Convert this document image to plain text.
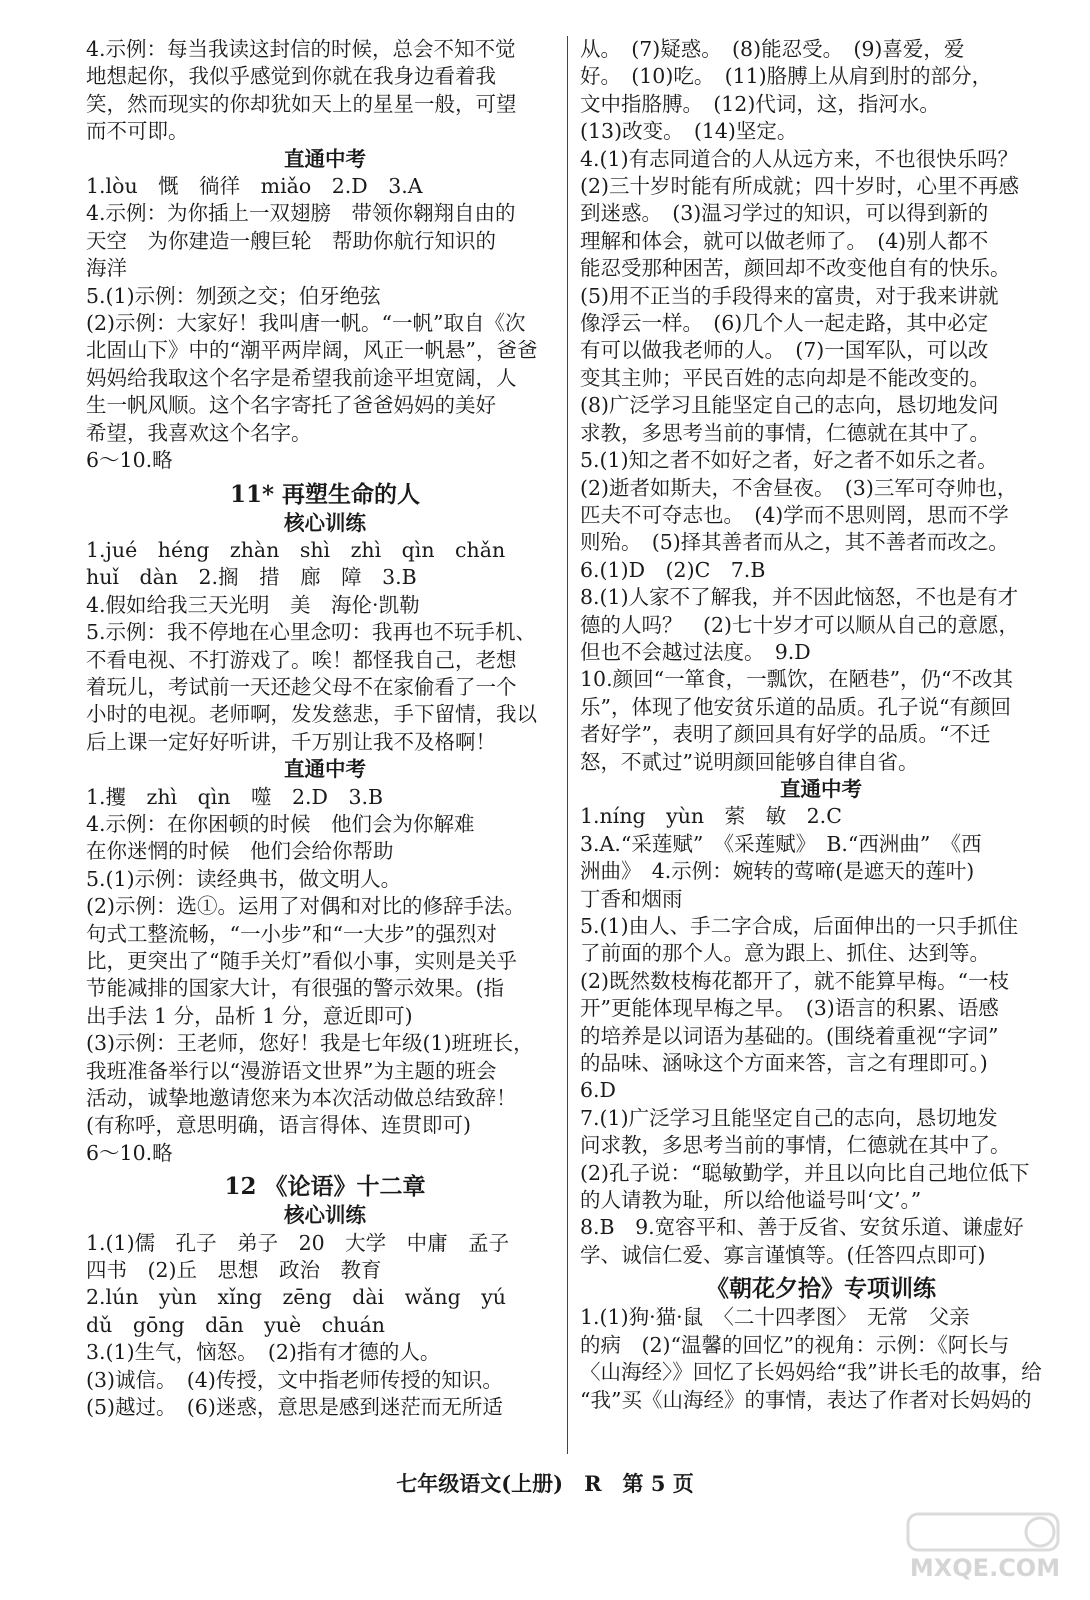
4.示例：每当我读这封信的时候，总会不知不觉
地想起你，我似乎感觉到你就在我身边看着我
笑，然而现实的你却犹如天上的星星一般，可望
而不可即。
直通中考
1.lòu　慨　徜徉　miǎo　2.D　3.A
4.示例：为你插上一双翅膀　带领你翱翔自由的
天空　为你建造一艘巨轮　帮助你航行知识的
海洋
5.(1)示例：刎颈之交；伯牙绝弦
(2)示例：大家好！我叫唐一帆。“一帆”取自《次
北固山下》中的“潮平两岸阔，风正一帆悬”，爸爸
妈妈给我取这个名字是希望我前途平坦宽阔，人
生一帆风顺。这个名字寄托了爸爸妈妈的美好
希望，我喜欢这个名字。
6～10.略
11* 再塑生命的人
核心训练
1.jué　héng　zhàn　shì　zhì　qìn　chǎn
huǐ　dàn　2.搁　措　廊　障　3.B
4.假如给我三天光明　美　海伦·凯勒
5.示例：我不停地在心里念叨：我再也不玩手机、
不看电视、不打游戏了。唉！都怪我自己，老想
着玩儿，考试前一天还趁父母不在家偷看了一个
小时的电视。老师啊，发发慈悲，手下留情，我以
后上课一定好好听讲，千万别让我不及格啊！
直通中考
1.攫　zhì　qìn　噬　2.D　3.B
4.示例：在你困顿的时候　他们会为你解难
在你迷惘的时候　他们会给你帮助
5.(1)示例：读经典书，做文明人。
(2)示例：选①。运用了对偶和对比的修辞手法。
句式工整流畅，“一小步”和“一大步”的强烈对
比，更突出了“随手关灯”看似小事，实则是关乎
节能减排的国家大计，有很强的警示效果。(指
出手法 1 分，品析 1 分，意近即可)
(3)示例：王老师，您好！我是七年级(1)班班长，
我班准备举行以“漫游语文世界”为主题的班会
活动，诚挚地邀请您来为本次活动做总结致辞！
(有称呼，意思明确，语言得体、连贯即可)
6～10.略
12 《论语》十二章
核心训练
1.(1)儒　孔子　弟子　20　大学　中庸　孟子
四书　(2)丘　思想　政治　教育
2.lún　yùn　xǐng　zēng　dài　wǎng　yú
dǔ　gōng　dān　yuè　chuán
3.(1)生气，恼怒。　(2)指有才德的人。
(3)诚信。　(4)传授，文中指老师传授的知识。
(5)越过。　(6)迷惑，意思是感到迷茫而无所适
从。　(7)疑惑。　(8)能忍受。　(9)喜爱，爱
好。　(10)吃。　(11)胳膊上从肩到肘的部分，
文中指胳膊。　(12)代词，这，指河水。
(13)改变。　(14)坚定。
4.(1)有志同道合的人从远方来，不也很快乐吗？
(2)三十岁时能有所成就；四十岁时，心里不再感
到迷惑。　(3)温习学过的知识，可以得到新的
理解和体会，就可以做老师了。　(4)别人都不
能忍受那种困苦，颜回却不改变他自有的快乐。
(5)用不正当的手段得来的富贵，对于我来讲就
像浮云一样。　(6)几个人一起走路，其中必定
有可以做我老师的人。　(7)一国军队，可以改
变其主帅；平民百姓的志向却是不能改变的。
(8)广泛学习且能坚定自己的志向，恳切地发问
求教，多思考当前的事情，仁德就在其中了。
5.(1)知之者不如好之者，好之者不如乐之者。
(2)逝者如斯夫，不舍昼夜。　(3)三军可夺帅也，
匹夫不可夺志也。　(4)学而不思则罔，思而不学
则殆。　(5)择其善者而从之，其不善者而改之。
6.(1)D　(2)C　7.B
8.(1)人家不了解我，并不因此恼怒，不也是有才
德的人吗？　(2)七十岁才可以顺从自己的意愿，
但也不会越过法度。　9.D
10.颜回“一箪食，一瓢饮，在陋巷”，仍“不改其
乐”，体现了他安贫乐道的品质。孔子说“有颜回
者好学”，表明了颜回具有好学的品质。“不迁
怒，不贰过”说明颜回能够自律自省。
直通中考
1.níng　yùn　萦　敏　2.C
3.A.“采莲赋”　《采莲赋》　B.“西洲曲”　《西
洲曲》　4.示例：婉转的莺啼(是遮天的莲叶)
丁香和烟雨
5.(1)由人、手二字合成，后面伸出的一只手抓住
了前面的那个人。意为跟上、抓住、达到等。
(2)既然数枝梅花都开了，就不能算早梅。“一枝
开”更能体现早梅之早。　(3)语言的积累、语感
的培养是以词语为基础的。(围绕着重视“字词”
的品味、涵咏这个方面来答，言之有理即可。)
6.D
7.(1)广泛学习且能坚定自己的志向，恳切地发
问求教，多思考当前的事情，仁德就在其中了。
(2)孔子说：“聪敏勤学，并且以向比自己地位低下
的人请教为耻，所以给他谥号叫‘文’。”
8.B　9.宽容平和、善于反省、安贫乐道、谦虚好
学、诚信仁爱、寡言谨慎等。(任答四点即可)
《朝花夕拾》专项训练
1.(1)狗·猫·鼠　〈二十四孝图〉　无常　父亲
的病　(2)“温馨的回忆”的视角：示例：《阿长与
〈山海经〉》回忆了长妈妈给“我”讲长毛的故事，给
“我”买《山海经》的事情，表达了作者对长妈妈的
七年级语文(上册)　R　第 5 页
MXQE.COM
